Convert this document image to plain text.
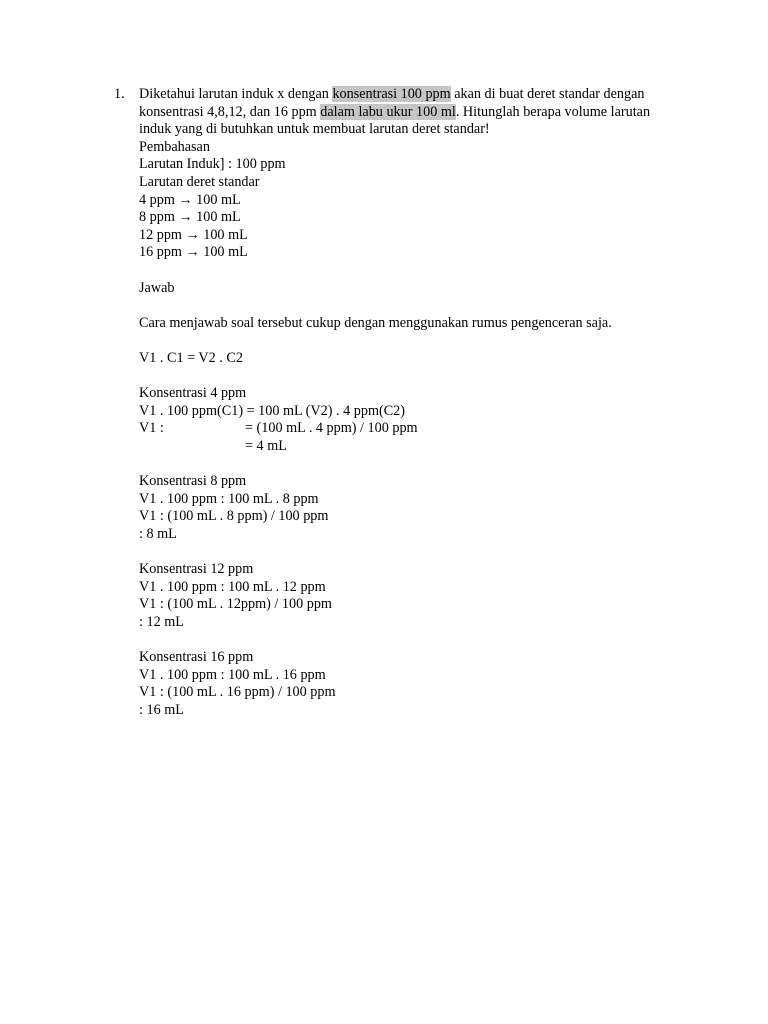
1. Diketahui larutan induk x dengan konsentrasi 100 ppm akan di buat deret standar dengan
konsentrasi 4,8,12, dan 16 ppm dalam labu ukur 100 ml. Hitunglah berapa volume larutan
induk yang di butuhkan untuk membuat larutan deret standar!
Pembahasan
Larutan Induk] : 100 ppm
Larutan deret standar
4 ppm → 100 mL
8 ppm → 100 mL
12 ppm → 100 mL
16 ppm → 100 mL
Jawab
Cara menjawab soal tersebut cukup dengan menggunakan rumus pengenceran saja.
V1 . C1 = V2 . C2
Konsentrasi 4 ppm
V1 . 100 ppm(C1) = 100 mL (V2) . 4 ppm(C2)
V1 :	= (100 mL . 4 ppm) / 100 ppm
= 4 mL
Konsentrasi 8 ppm
V1 . 100 ppm : 100 mL . 8 ppm
V1 : (100 mL . 8 ppm) / 100 ppm
: 8 mL
Konsentrasi 12 ppm
V1 . 100 ppm : 100 mL . 12 ppm
V1 : (100 mL . 12ppm) / 100 ppm
: 12 mL
Konsentrasi 16 ppm
V1 . 100 ppm : 100 mL . 16 ppm
V1 : (100 mL . 16 ppm) / 100 ppm
: 16 mL
